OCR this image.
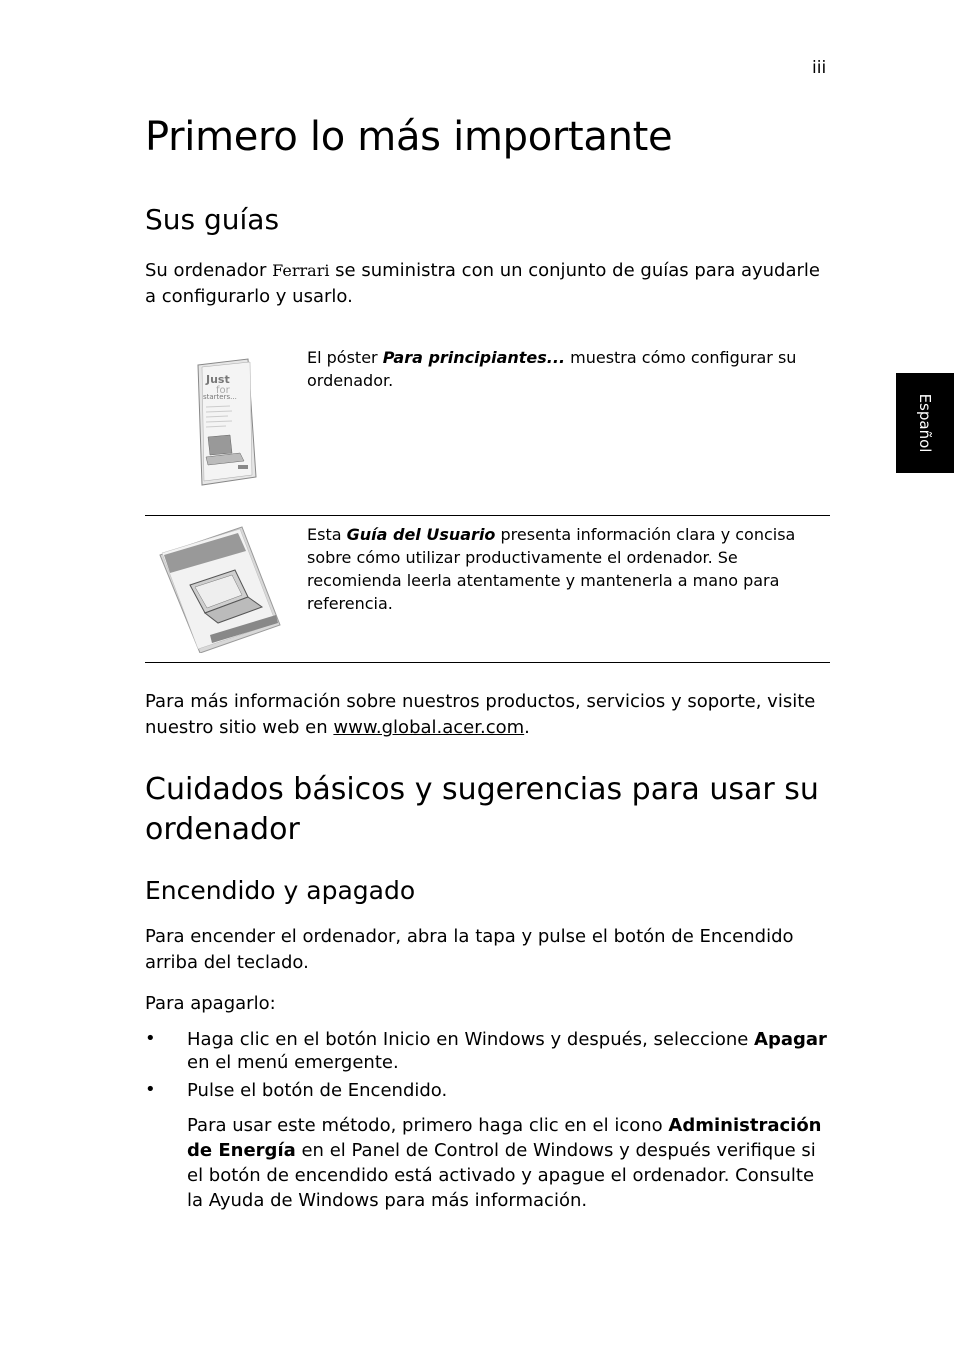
iii
Español
Primero lo más importante
Sus guías

Su ordenador Ferrari se suministra con un conjunto de guías para ayudarle a configurarlo y usarlo.

Just
for
starters...
El póster Para principiantes... muestra cómo configurar su ordenador.
Esta Guía del Usuario presenta información clara y concisa sobre cómo utilizar productivamente el ordenador. Se recomienda leerla atentamente y mantenerla a mano para referencia.

Para más información sobre nuestros productos, servicios y soporte, visite nuestro sitio web en www.global.acer.com.

Cuidados básicos y sugerencias para usar su ordenador
Encendido y apagado

Para encender el ordenador, abra la tapa y pulse el botón de Encendido arriba del teclado.

Para apagarlo:

• Haga clic en el botón Inicio en Windows y después, seleccione Apagar en el menú emergente.
• Pulse el botón de Encendido.
Para usar este método, primero haga clic en el icono Administración de Energía en el Panel de Control de Windows y después verifique si el botón de encendido está activado y apague el ordenador. Consulte la Ayuda de Windows para más información.
